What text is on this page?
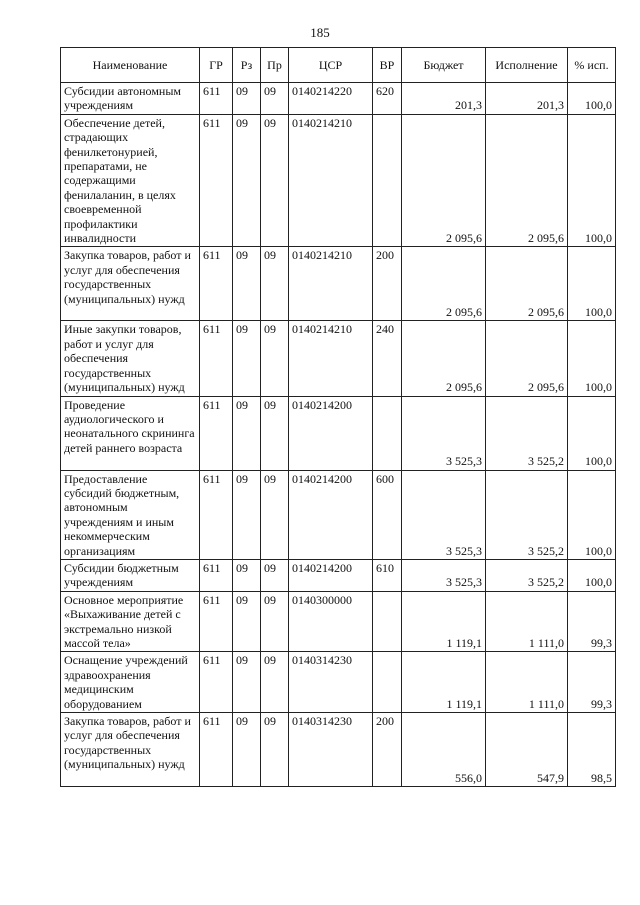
185
Наименование	ГР	Рз	Пр	ЦСР	ВР	Бюджет	Исполнение	% исп.
Субсидии автономным учреждениям	611	09	09	0140214220	620	201,3	201,3	100,0
Обеспечение детей, страдающих фенилкетонурией, препаратами, не содержащими фенилаланин, в целях своевременной профилактики инвалидности	611	09	09	0140214210		2 095,6	2 095,6	100,0
Закупка товаров, работ и услуг для обеспечения государственных (муниципальных) нужд	611	09	09	0140214210	200	2 095,6	2 095,6	100,0
Иные закупки товаров, работ и услуг для обеспечения государственных (муниципальных) нужд	611	09	09	0140214210	240	2 095,6	2 095,6	100,0
Проведение аудиологического и неонатального скрининга детей раннего возраста	611	09	09	0140214200		3 525,3	3 525,2	100,0
Предоставление субсидий бюджетным, автономным учреждениям и иным некоммерческим организациям	611	09	09	0140214200	600	3 525,3	3 525,2	100,0
Субсидии бюджетным учреждениям	611	09	09	0140214200	610	3 525,3	3 525,2	100,0
Основное мероприятие «Выхаживание детей с экстремально низкой массой тела»	611	09	09	0140300000		1 119,1	1 111,0	99,3
Оснащение учреждений здравоохранения медицинским оборудованием	611	09	09	0140314230		1 119,1	1 111,0	99,3
Закупка товаров, работ и услуг для обеспечения государственных (муниципальных) нужд	611	09	09	0140314230	200	556,0	547,9	98,5
